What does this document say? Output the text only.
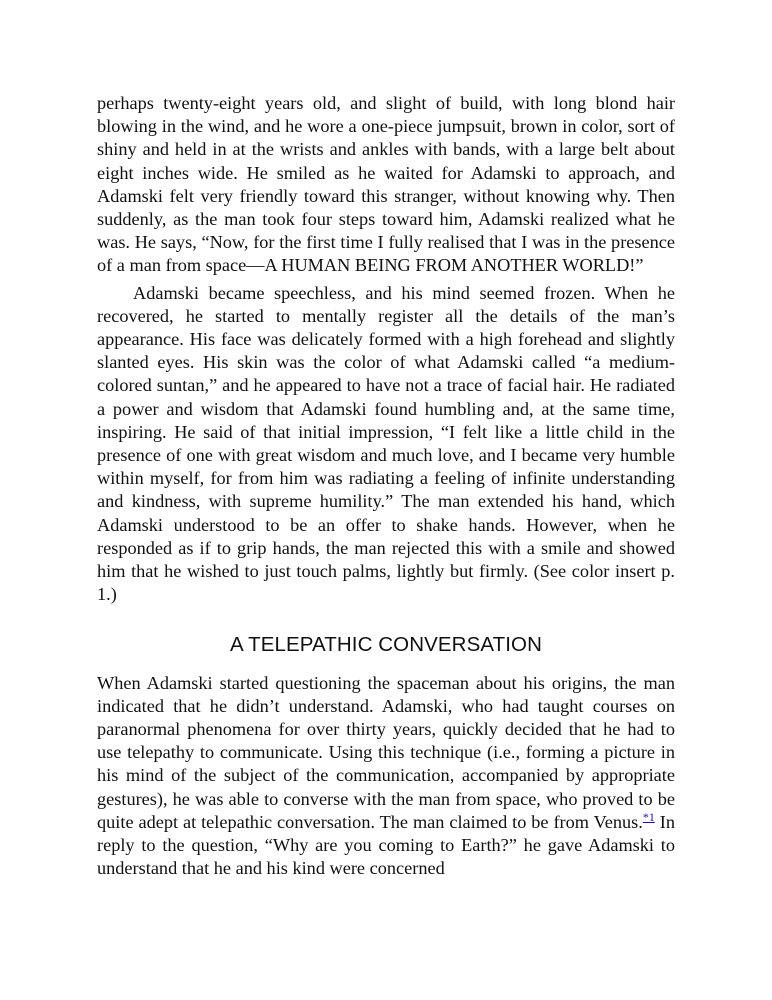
perhaps twenty-eight years old, and slight of build, with long blond hair blowing in the wind, and he wore a one-piece jumpsuit, brown in color, sort of shiny and held in at the wrists and ankles with bands, with a large belt about eight inches wide. He smiled as he waited for Adamski to approach, and Adamski felt very friendly toward this stranger, without knowing why. Then suddenly, as the man took four steps toward him, Adamski realized what he was. He says, “Now, for the first time I fully realised that I was in the presence of a man from space—A HUMAN BEING FROM ANOTHER WORLD!”

Adamski became speechless, and his mind seemed frozen. When he recovered, he started to mentally register all the details of the man’s appearance. His face was delicately formed with a high forehead and slightly slanted eyes. His skin was the color of what Adamski called “a medium-colored suntan,” and he appeared to have not a trace of facial hair. He radiated a power and wisdom that Adamski found humbling and, at the same time, inspiring. He said of that initial impression, “I felt like a little child in the presence of one with great wisdom and much love, and I became very humble within myself, for from him was radiating a feeling of infinite understanding and kindness, with supreme humility.” The man extended his hand, which Adamski understood to be an offer to shake hands. However, when he responded as if to grip hands, the man rejected this with a smile and showed him that he wished to just touch palms, lightly but firmly. (See color insert p. 1.)

A TELEPATHIC CONVERSATION

When Adamski started questioning the spaceman about his origins, the man indicated that he didn’t understand. Adamski, who had taught courses on paranormal phenomena for over thirty years, quickly decided that he had to use telepathy to communicate. Using this technique (i.e., forming a picture in his mind of the subject of the communication, accompanied by appropriate gestures), he was able to converse with the man from space, who proved to be quite adept at telepathic conversation. The man claimed to be from Venus.$^{*1}$ In reply to the question, “Why are you coming to Earth?” he gave Adamski to understand that he and his kind were concerned
